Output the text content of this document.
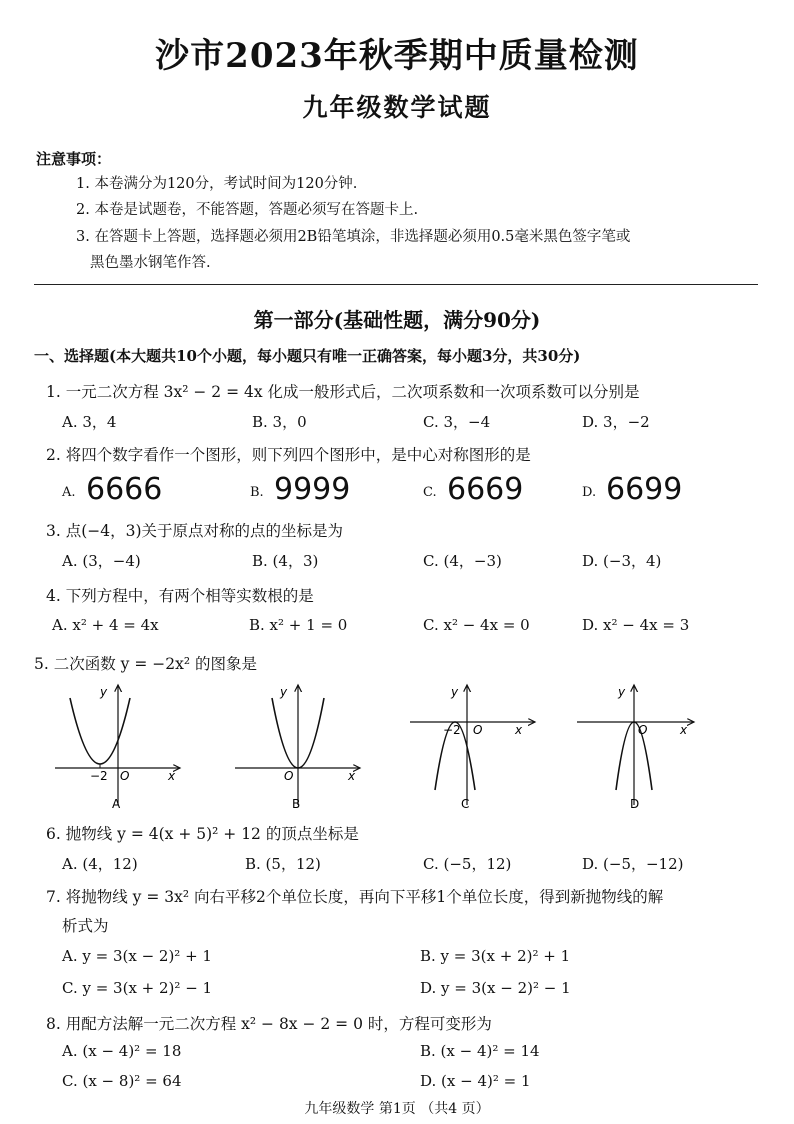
沙市2023年秋季期中质量检测
九年级数学试题
注意事项：
1. 本卷满分为120分，考试时间为120分钟.
2. 本卷是试题卷，不能答题，答题必须写在答题卡上.
3. 在答题卡上答题，选择题必须用2B铅笔填涂，非选择题必须用0.5毫米黑色签字笔或
黑色墨水钢笔作答.
第一部分(基础性题，满分90分)
一、选择题(本大题共10个小题，每小题只有唯一正确答案，每小题3分，共30分)
1. 一元二次方程 3x² − 2 = 4x 化成一般形式后，二次项系数和一次项系数可以分别是
A. 3，4	B. 3，0	C. 3，−4	D. 3，−2
2. 将四个数字看作一个图形，则下列四个图形中，是中心对称图形的是
A. 6666	B. 9999	C. 6669	D. 6699
3. 点(−4，3)关于原点对称的点的坐标是为
A. (3，−4)	B. (4，3)	C. (4，−3)	D. (−3，4)
4. 下列方程中，有两个相等实数根的是
A. x² + 4 = 4x	B. x² + 1 = 0	C. x² − 4x = 0	D. x² − 4x = 3
5. 二次函数 y = −2x² 的图象是
x
y
O
−2
A
x
y
O
B
x
y
O
−2
C
x
y
O
D
6. 抛物线 y = 4(x + 5)² + 12 的顶点坐标是
A. (4，12)	B. (5，12)	C. (−5，12)	D. (−5，−12)
7. 将抛物线 y = 3x² 向右平移2个单位长度，再向下平移1个单位长度，得到新抛物线的解
析式为
A. y = 3(x − 2)² + 1	B. y = 3(x + 2)² + 1
C. y = 3(x + 2)² − 1	D. y = 3(x − 2)² − 1
8. 用配方法解一元二次方程 x² − 8x − 2 = 0 时，方程可变形为
A. (x − 4)² = 18	B. (x − 4)² = 14
C. (x − 8)² = 64	D. (x − 4)² = 1
九年级数学 第1页 （共4 页）
